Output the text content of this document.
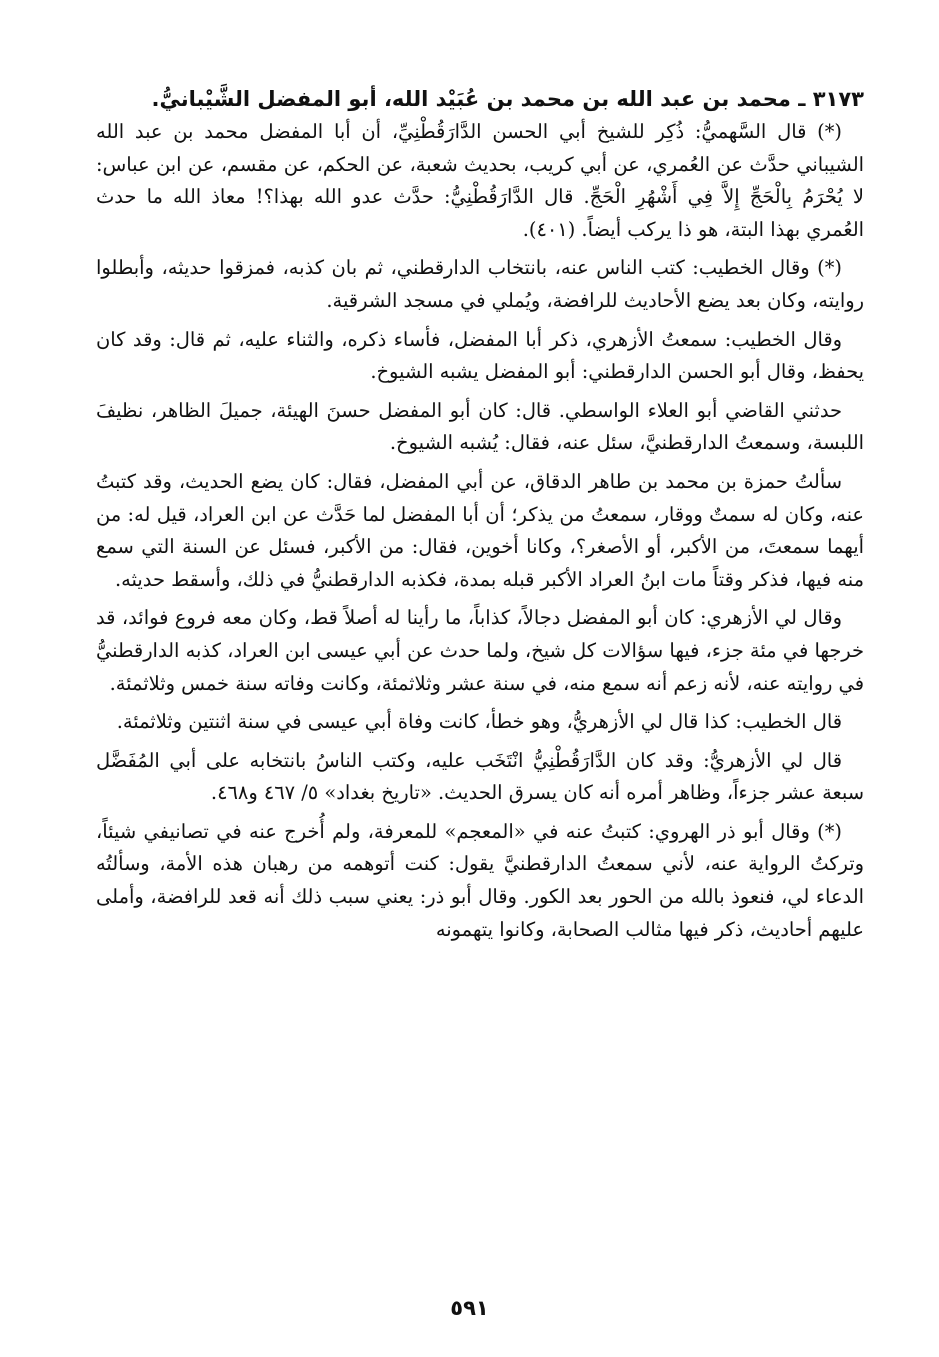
٣١٧٣ ـ محمد بن عبد الله بن محمد بن عُبَيْد الله، أبو المفضل الشَّيْبانيُّ.

(*) قال السَّهميُّ: ذُكِر للشيخ أبي الحسن الدَّارَقُطْنِيِّ، أن أبا المفضل محمد بن عبد الله الشيباني حدَّث عن العُمري، عن أبي كريب، بحديث شعبة، عن الحكم، عن مقسم، عن ابن عباس: لا يُحْرَمُ بِالْحَجِّ إِلاَّ فِي أَشْهُرِ الْحَجِّ. قال الدَّارَقُطْنِيُّ: حدَّث عدو الله بهذا؟! معاذ الله ما حدث العُمري بهذا البتة، هو ذا يركب أيضاً. (٤٠١).

(*) وقال الخطيب: كتب الناس عنه، بانتخاب الدارقطني، ثم بان كذبه، فمزقوا حديثه، وأبطلوا روايته، وكان بعد يضع الأحاديث للرافضة، ويُملي في مسجد الشرقية.

وقال الخطيب: سمعتُ الأزهري، ذكر أبا المفضل، فأساء ذكره، والثناء عليه، ثم قال: وقد كان يحفظ، وقال أبو الحسن الدارقطني: أبو المفضل يشبه الشيوخ.

حدثني القاضي أبو العلاء الواسطي. قال: كان أبو المفضل حسنَ الهيئة، جميلَ الظاهر، نظيفَ اللبسة، وسمعتُ الدارقطنيَّ، سئل عنه، فقال: يُشبه الشيوخ.

سألتُ حمزة بن محمد بن طاهر الدقاق، عن أبي المفضل، فقال: كان يضع الحديث، وقد كتبتُ عنه، وكان له سمتٌ ووقار، سمعتُ من يذكر؛ أن أبا المفضل لما حَدَّث عن ابن العراد، قيل له: من أيهما سمعتَ، من الأكبر، أو الأصغر؟، وكانا أخوين، فقال: من الأكبر، فسئل عن السنة التي سمع منه فيها، فذكر وقتاً مات ابنُ العراد الأكبر قبله بمدة، فكذبه الدارقطنيُّ في ذلك، وأسقط حديثه.

وقال لي الأزهري: كان أبو المفضل دجالاً، كذاباً، ما رأينا له أصلاً قط، وكان معه فروع فوائد، قد خرجها في مئة جزء، فيها سؤالات كل شيخ، ولما حدث عن أبي عيسى ابن العراد، كذبه الدارقطنيُّ في روايته عنه، لأنه زعم أنه سمع منه، في سنة عشر وثلاثمئة، وكانت وفاته سنة خمس وثلاثمئة.

قال الخطيب: كذا قال لي الأزهريُّ، وهو خطأ، كانت وفاة أبي عيسى في سنة اثنتين وثلاثمئة.

قال لي الأزهريُّ: وقد كان الدَّارَقُطْنِيُّ انْتَخَب عليه، وكتب الناسُ بانتخابه على أبي المُفَضَّل سبعة عشر جزءاً، وظاهر أمره أنه كان يسرق الحديث. «تاريخ بغداد» ٥/ ٤٦٧ و٤٦٨.

(*) وقال أبو ذر الهروي: كتبتُ عنه في «المعجم» للمعرفة، ولم أُخرج عنه في تصانيفي شيئاً، وتركتُ الرواية عنه، لأني سمعتُ الدارقطنيَّ يقول: كنت أتوهمه من رهبان هذه الأمة، وسألتُه الدعاء لي، فنعوذ بالله من الحور بعد الكور. وقال أبو ذر: يعني سبب ذلك أنه قعد للرافضة، وأملى عليهم أحاديث، ذكر فيها مثالب الصحابة، وكانوا يتهمونه

٥٩١
